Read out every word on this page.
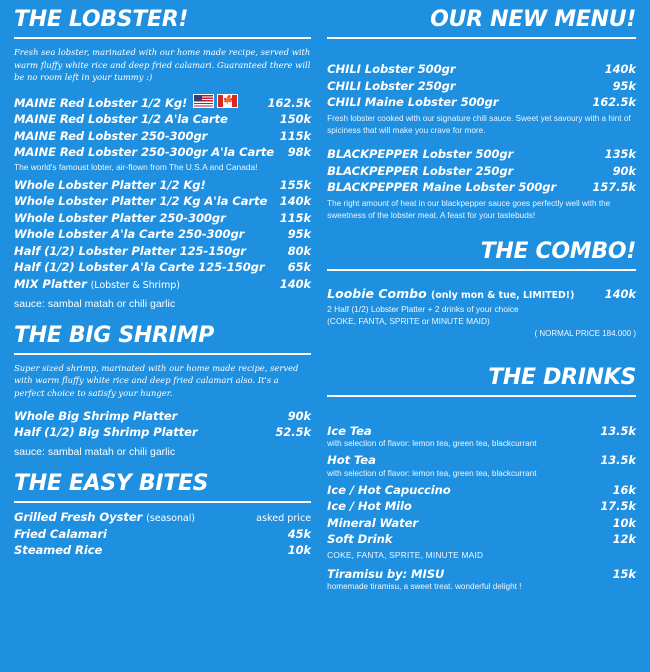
THE LOBSTER!

Fresh sea lobster, marinated with our home made recipe, served with warm fluffy white rice and deep fried calamari. Guaranteed there will be no room left in your tummy :)

MAINE Red Lobster 1/2 Kg!	🍁	162.5k
MAINE Red Lobster 1/2 A'la Carte	150k
MAINE Red Lobster 250-300gr	115k
MAINE Red Lobster 250-300gr A'la Carte	98k

The world's famoust lobter, air-flown from The U.S.A and Canada!

Whole Lobster Platter 1/2 Kg!	155k
Whole Lobster Platter 1/2 Kg A'la Carte	140k
Whole Lobster Platter 250-300gr	115k
Whole Lobster A'la Carte 250-300gr	95k
Half (1/2) Lobster Platter 125-150gr	80k
Half (1/2) Lobster A'la Carte 125-150gr	65k
MIX Platter (Lobster & Shrimp)	140k

sauce: sambal matah or chili garlic

THE BIG SHRIMP

Super sized shrimp, marinated with our home made recipe, served with warm fluffy white rice and deep fried calamari also. It's a perfect choice to satisfy your hunger.

Whole Big Shrimp Platter	90k
Half (1/2) Big Shrimp Platter	52.5k

sauce: sambal matah or chili garlic

THE EASY BITES
Grilled Fresh Oyster (seasonal)	asked price
Fried Calamari	45k
Steamed Rice	10k
OUR NEW MENU!
CHILI Lobster 500gr	140k
CHILI Lobster 250gr	95k
CHILI Maine Lobster 500gr	162.5k

Fresh lobster cooked with our signature chili sauce. Sweet yet savoury with a hint of spiciness that will make you crave for more.

BLACKPEPPER Lobster 500gr	135k
BLACKPEPPER Lobster 250gr	90k
BLACKPEPPER Maine Lobster 500gr	157.5k

The right amount of heat in our blackpepper sauce goes perfectly well with the sweetness of the lobster meat. A feast for your tastebuds!

THE COMBO!
Loobie Combo (only mon & tue, LIMITED!)	140k
2 Half (1/2) Lobster Platter + 2 drinks of your choice
(COKE, FANTA, SPRITE or MINUTE MAID)
( NORMAL PRICE 184.000 )
THE DRINKS
Ice Tea	13.5k
with selection of flavor: lemon tea, green tea, blackcurrant
Hot Tea	13.5k
with selection of flavor: lemon tea, green tea, blackcurrant
Ice / Hot Capuccino	16k
Ice / Hot Milo	17.5k
Mineral Water	10k
Soft Drink	12k

COKE, FANTA, SPRITE, MINUTE MAID

Tiramisu by: MISU	15k
homemade tiramisu, a sweet treat. wonderful delight !
